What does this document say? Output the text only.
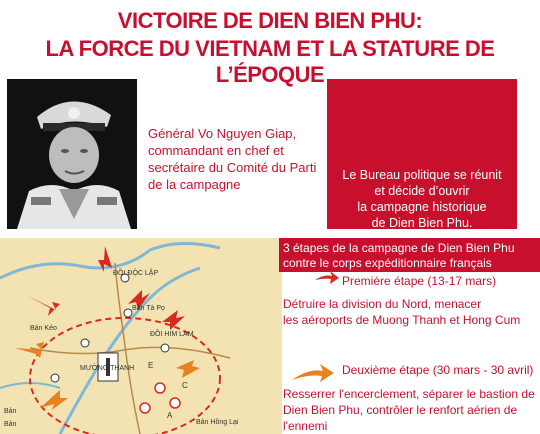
VICTOIRE DE DIEN BIEN PHU:
LA FORCE DU VIETNAM ET LA STATURE DE L’ÉPOQUE
Général Vo Nguyen Giap,
commandant en chef et
secrétaire du Comité du Parti
de la campagne
Le Bureau politique se réunit
et décide d’ouvrir
la campagne historique
de Dien Bien Phu.
ĐỒI ĐỘC LẬP
Bản Tà Pọ
ĐỒI HIM LAM
Bản Kéo
MƯỜNG THANH E
A
C
Bản
Bản	Bản Hồng Lại
3 étapes de la campagne de Dien Bien Phu
contre le corps expéditionnaire français
Première étape (13-17 mars)
Détruire la division du Nord, menacer
les aéroports de Muong Thanh et Hong Cum
Deuxième étape (30 mars - 30 avril)
Resserrer l'encerclement, séparer le bastion de
Dien Bien Phu, contrôler le renfort aérien de
l'ennemi
